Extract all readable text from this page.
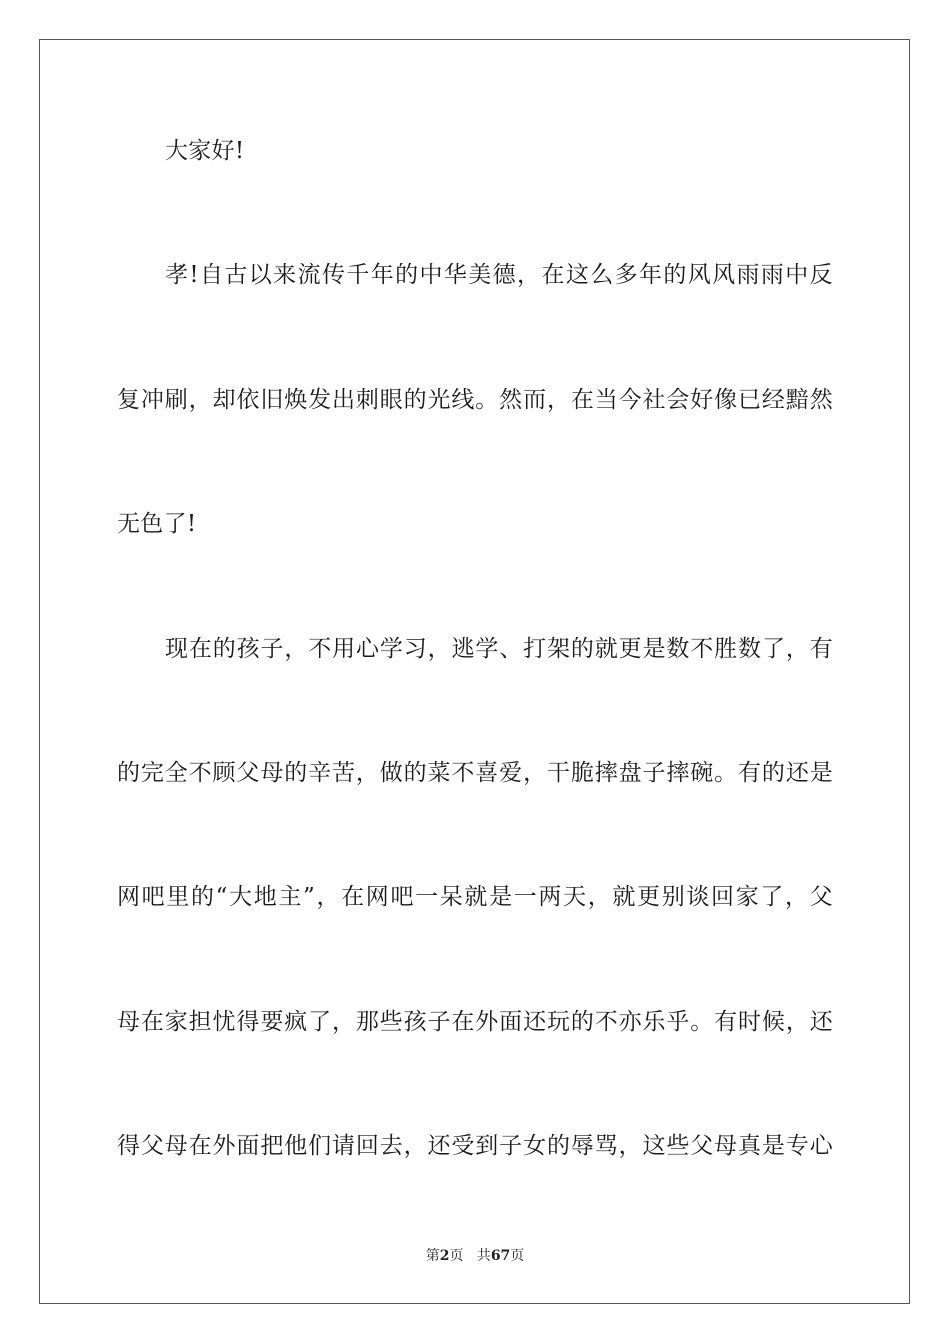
大家好!
孝!自古以来流传千年的中华美德，在这么多年的风风雨雨中反
复冲刷，却依旧焕发出刺眼的光线。然而，在当今社会好像已经黯然
无色了!
现在的孩子，不用心学习，逃学、打架的就更是数不胜数了，有
的完全不顾父母的辛苦，做的菜不喜爱，干脆摔盘子摔碗。有的还是
网吧里的“大地主”，在网吧一呆就是一两天，就更别谈回家了，父
母在家担忧得要疯了，那些孩子在外面还玩的不亦乐乎。有时候，还
得父母在外面把他们请回去，还受到子女的辱骂，这些父母真是专心
第2页 共67页
